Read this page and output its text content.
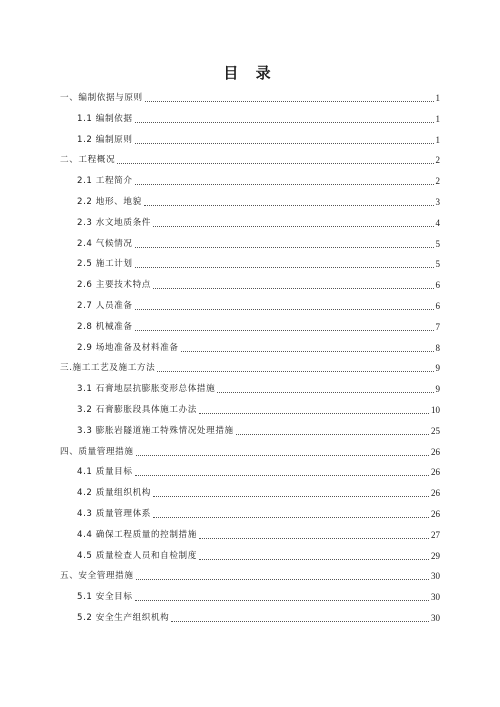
目 录
一、编制依据与原则	1
1.1 编制依据	1
1.2 编制原则	1
二、工程概况	2
2.1 工程简介	2
2.2 地形、地貌	3
2.3 水文地质条件	4
2.4 气候情况	5
2.5 施工计划	5
2.6 主要技术特点	6
2.7 人员准备	6
2.8 机械准备	7
2.9 场地准备及材料准备	8
三.施工工艺及施工方法	9
3.1 石膏地层抗膨胀变形总体措施	9
3.2 石膏膨胀段具体施工办法	10
3.3 膨胀岩隧道施工特殊情况处理措施	25
四、质量管理措施	26
4.1 质量目标	26
4.2 质量组织机构	26
4.3 质量管理体系	26
4.4 确保工程质量的控制措施	27
4.5 质量检查人员和自检制度	29
五、安全管理措施	30
5.1 安全目标	30
5.2 安全生产组织机构	30
